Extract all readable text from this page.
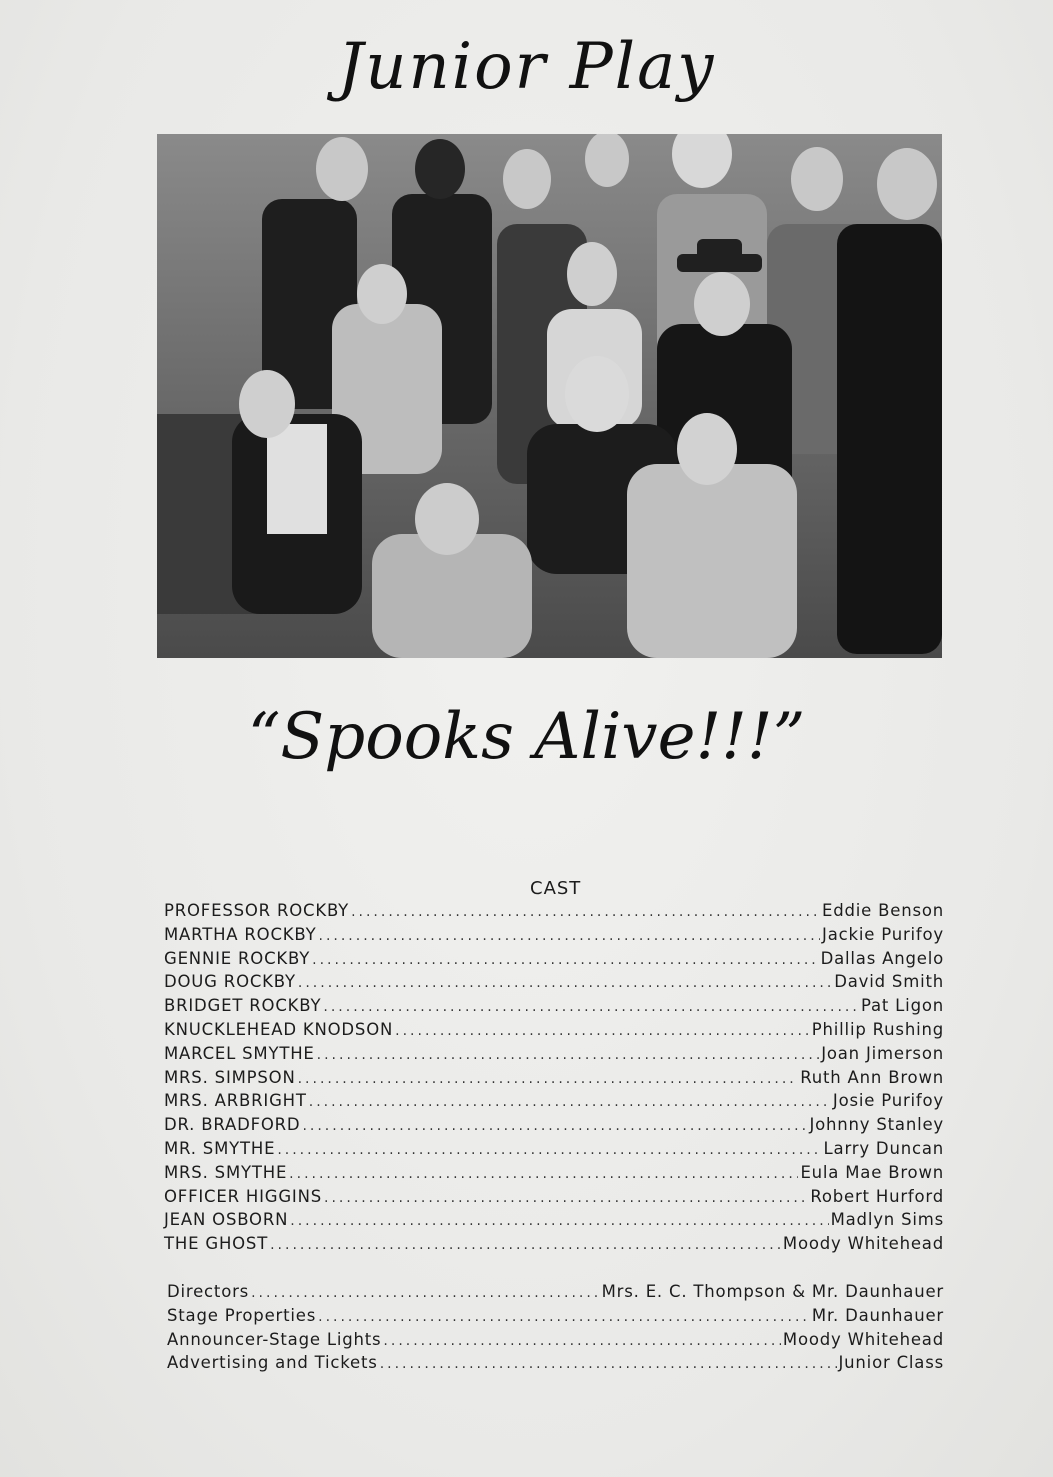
Junior Play
“Spooks Alive!!!”
CAST
PROFESSOR ROCKBY .....	Eddie Benson
MARTHA ROCKBY .....	Jackie Purifoy
GENNIE ROCKBY .....	Dallas Angelo
DOUG ROCKBY .....	David Smith
BRIDGET ROCKBY .....	Pat Ligon
KNUCKLEHEAD KNODSON .....	Phillip Rushing
MARCEL SMYTHE .....	Joan Jimerson
MRS. SIMPSON .....	Ruth Ann Brown
MRS. ARBRIGHT .....	Josie Purifoy
DR. BRADFORD .....	Johnny Stanley
MR. SMYTHE .....	Larry Duncan
MRS. SMYTHE .....	Eula Mae Brown
OFFICER HIGGINS .....	Robert Hurford
JEAN OSBORN .....	Madlyn Sims
THE GHOST .....	Moody Whitehead
Directors .....	Mrs. E. C. Thompson & Mr. Daunhauer
Stage Properties .....	Mr. Daunhauer
Announcer-Stage Lights .....	Moody Whitehead
Advertising and Tickets .....	Junior Class
